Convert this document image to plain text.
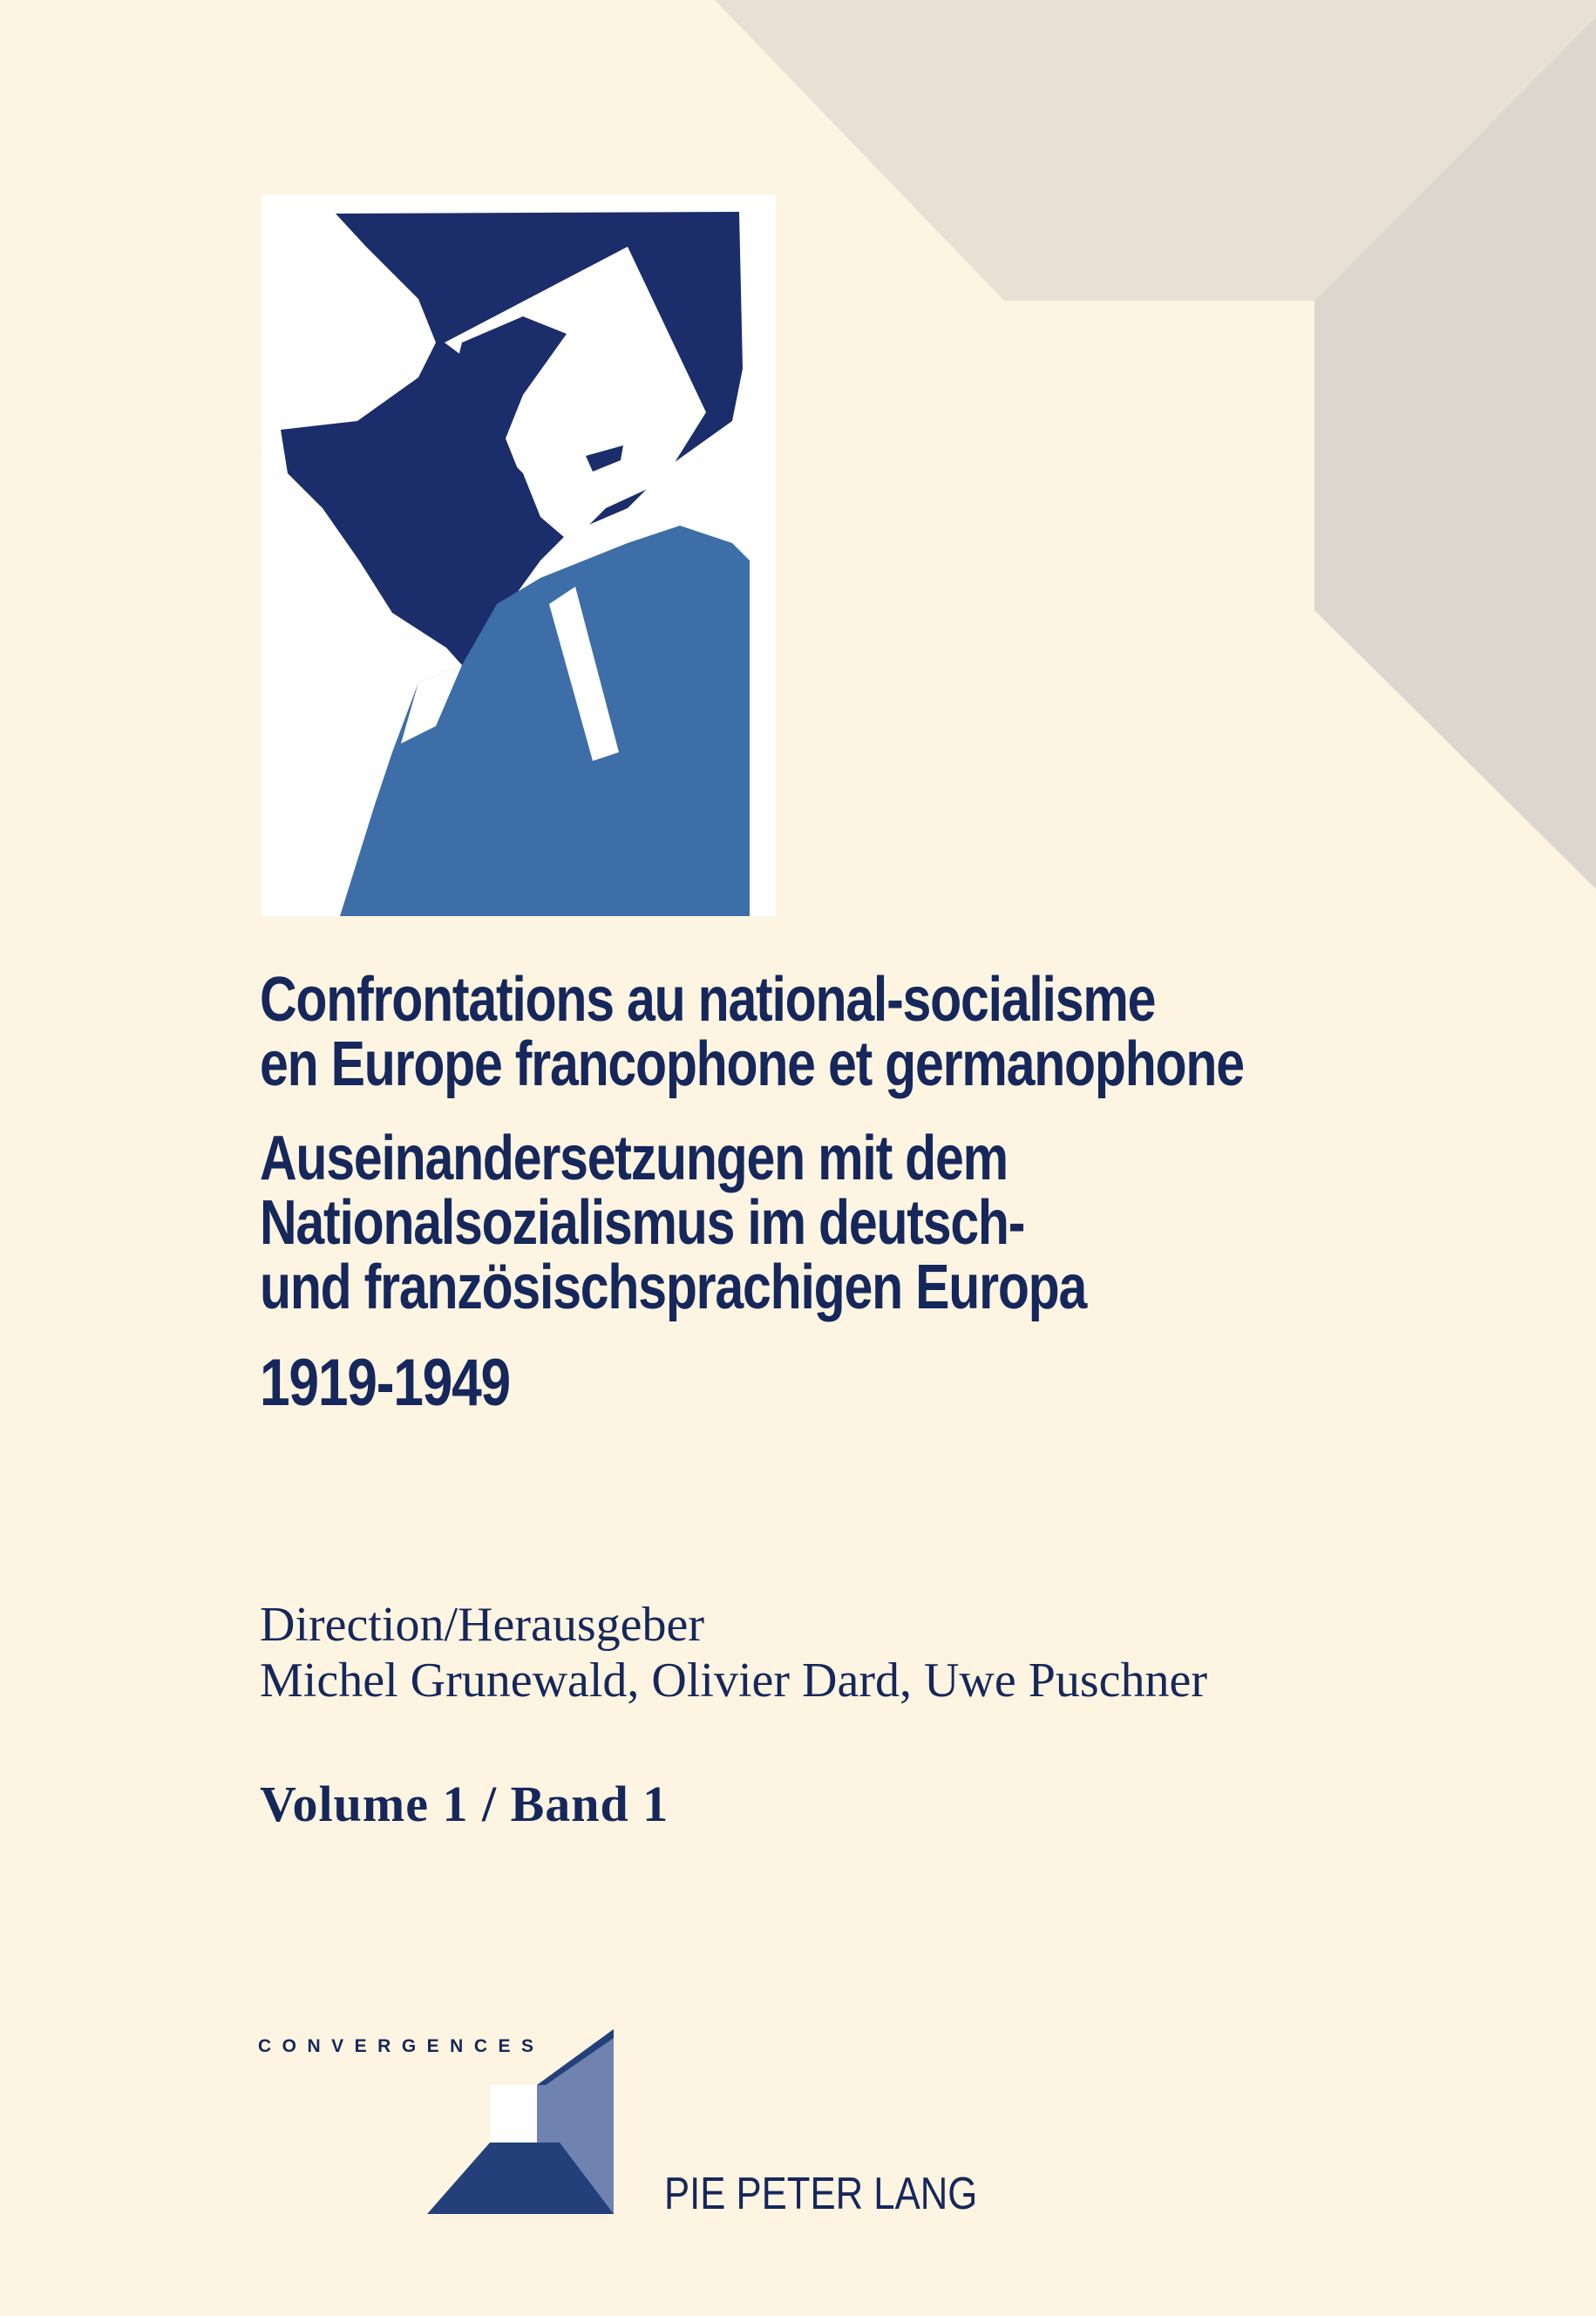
Confrontations au national-socialisme

en Europe francophone et germanophone

Auseinandersetzungen mit dem

Nationalsozialismus im deutsch-

und französischsprachigen Europa

1919-1949

Direction/Herausgeber
Michel Grunewald, Olivier Dard, Uwe Puschner
Volume 1 / Band 1
CONVERGENCES
PIE PETER LANG
